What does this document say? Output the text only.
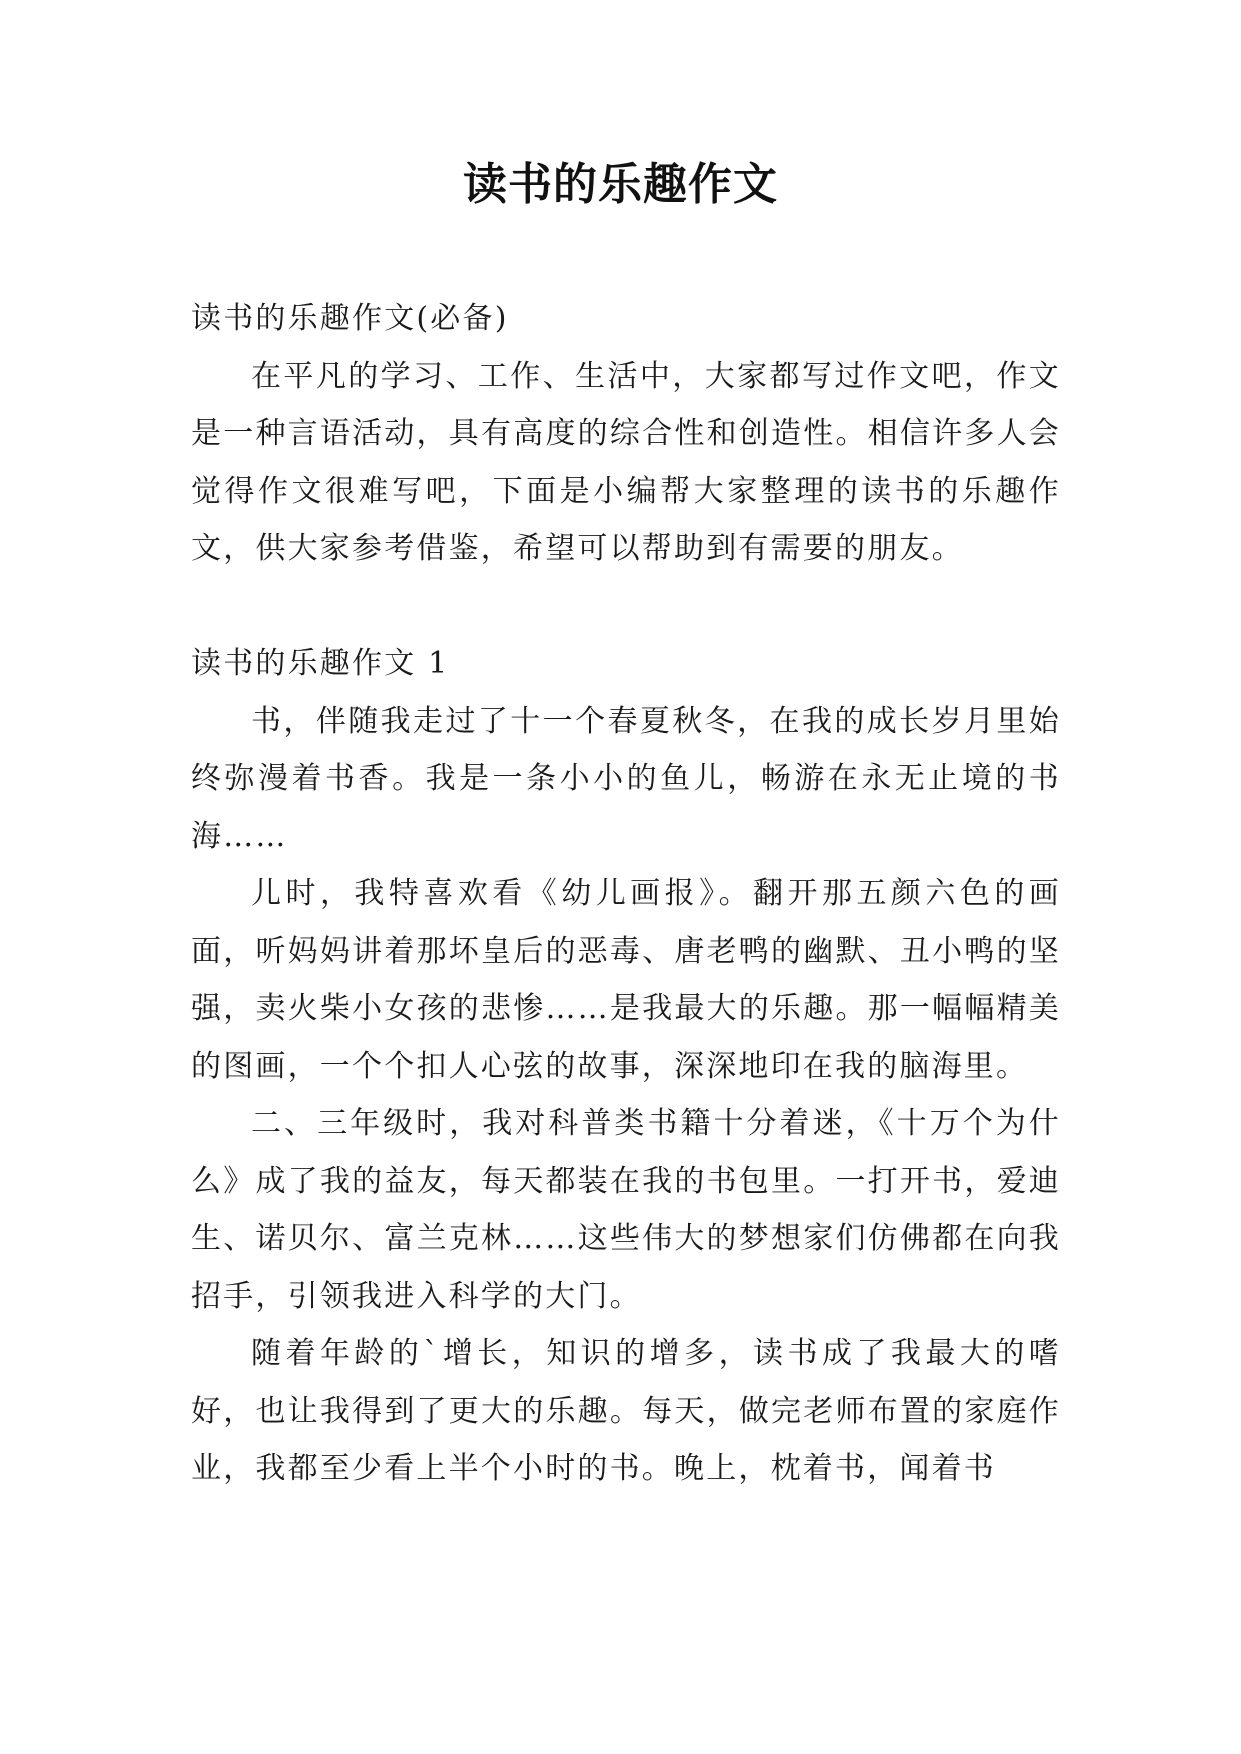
读书的乐趣作文

读书的乐趣作文(必备)

在平凡的学习、工作、生活中，大家都写过作文吧，作文是一种言语活动，具有高度的综合性和创造性。相信许多人会觉得作文很难写吧，下面是小编帮大家整理的读书的乐趣作文，供大家参考借鉴，希望可以帮助到有需要的朋友。

读书的乐趣作文 1

书，伴随我走过了十一个春夏秋冬，在我的成长岁月里始终弥漫着书香。我是一条小小的鱼儿，畅游在永无止境的书海……

儿时，我特喜欢看《幼儿画报》。翻开那五颜六色的画面，听妈妈讲着那坏皇后的恶毒、唐老鸭的幽默、丑小鸭的坚强，卖火柴小女孩的悲惨……是我最大的乐趣。那一幅幅精美的图画，一个个扣人心弦的故事，深深地印在我的脑海里。

二、三年级时，我对科普类书籍十分着迷，《十万个为什么》成了我的益友，每天都装在我的书包里。一打开书，爱迪生、诺贝尔、富兰克林……这些伟大的梦想家们仿佛都在向我招手，引领我进入科学的大门。

随着年龄的`增长，知识的增多，读书成了我最大的嗜好，也让我得到了更大的乐趣。每天，做完老师布置的家庭作业，我都至少看上半个小时的书。晚上，枕着书，闻着书
